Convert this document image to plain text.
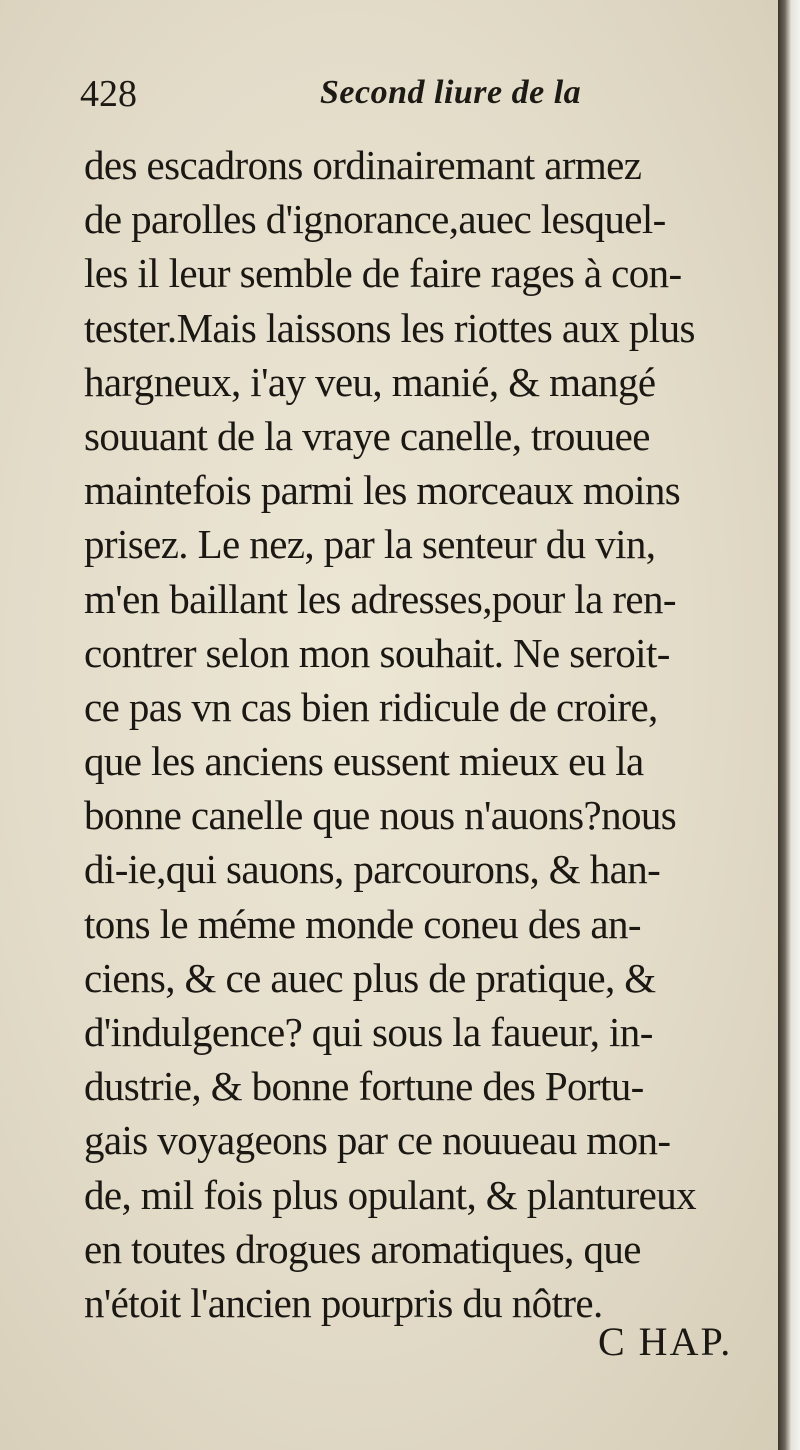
428	Second liure de la
des escadrons ordinairemant armez
de parolles d'ignorance,auec lesquel-
les il leur semble de faire rages à con-
tester.Mais laissons les riottes aux plus
hargneux, i'ay veu, manié, & mangé
souuant de la vraye canelle, trouuee
maintefois parmi les morceaux moins
prisez. Le nez, par la senteur du vin,
m'en baillant les adresses,pour la ren-
contrer selon mon souhait. Ne seroit-
ce pas vn cas bien ridicule de croire,
que les anciens eussent mieux eu la
bonne canelle que nous n'auons?nous
di-ie,qui sauons, parcourons, & han-
tons le méme monde coneu des an-
ciens, & ce auec plus de pratique, &
d'indulgence? qui sous la faueur, in-
dustrie, & bonne fortune des Portu-
gais voyageons par ce nouueau mon-
de, mil fois plus opulant, & plantureux
en toutes drogues aromatiques, que
n'étoit l'ancien pourpris du nôtre.
C HAP.
